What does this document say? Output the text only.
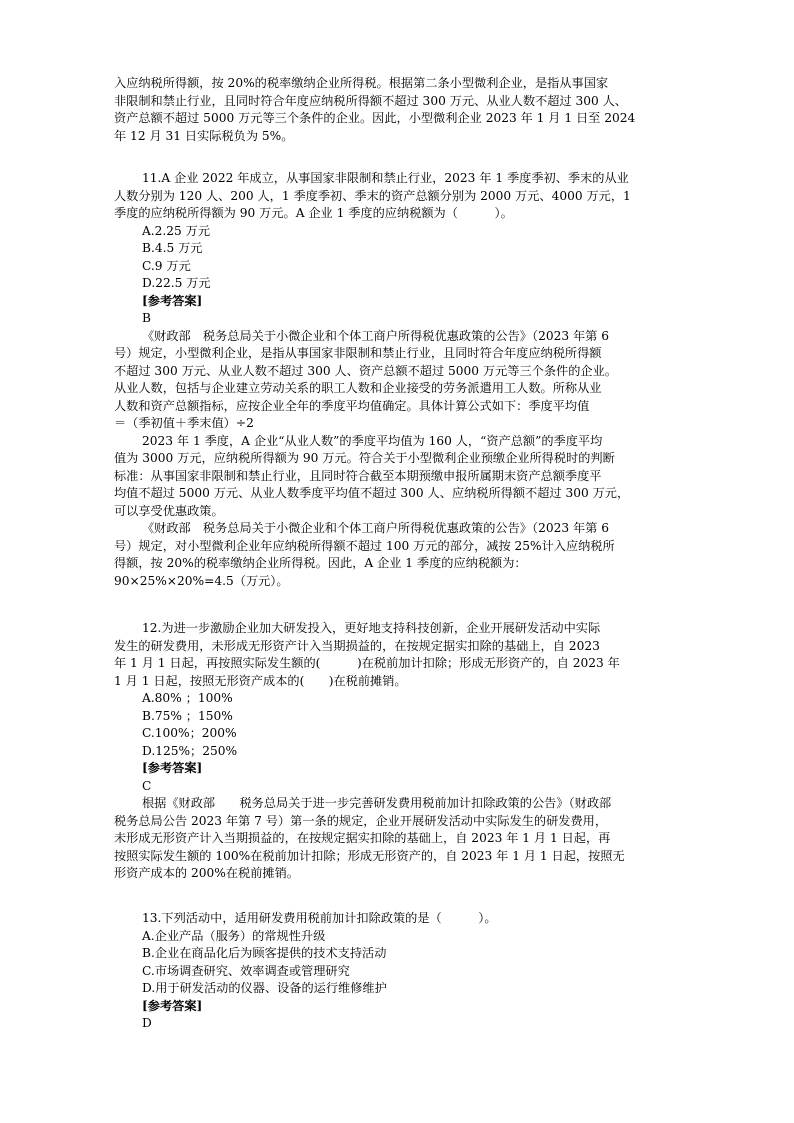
入应纳税所得额，按 20%的税率缴纳企业所得税。根据第二条小型微利企业，是指从事国家

非限制和禁止行业，且同时符合年度应纳税所得额不超过 300 万元、从业人数不超过 300 人、

资产总额不超过 5000 万元等三个条件的企业。因此，小型微利企业 2023 年 1 月 1 日至 2024

年 12 月 31 日实际税负为 5%。

11.A 企业 2022 年成立，从事国家非限制和禁止行业，2023 年 1 季度季初、季末的从业

人数分别为 120 人、200 人，1 季度季初、季末的资产总额分别为 2000 万元、4000 万元，1

季度的应纳税所得额为 90 万元。A 企业 1 季度的应纳税额为（　　　）。

A.2.25 万元

B.4.5 万元

C.9 万元

D.22.5 万元

[参考答案]

B

《财政部　税务总局关于小微企业和个体工商户所得税优惠政策的公告》（2023 年第 6

号）规定，小型微利企业，是指从事国家非限制和禁止行业，且同时符合年度应纳税所得额

不超过 300 万元、从业人数不超过 300 人、资产总额不超过 5000 万元等三个条件的企业。

从业人数，包括与企业建立劳动关系的职工人数和企业接受的劳务派遣用工人数。所称从业

人数和资产总额指标，应按企业全年的季度平均值确定。具体计算公式如下：季度平均值

＝（季初值＋季末值）÷2

2023 年 1 季度，A 企业“从业人数”的季度平均值为 160 人，“资产总额”的季度平均

值为 3000 万元，应纳税所得额为 90 万元。符合关于小型微利企业预缴企业所得税时的判断

标准：从事国家非限制和禁止行业，且同时符合截至本期预缴申报所属期末资产总额季度平

均值不超过 5000 万元、从业人数季度平均值不超过 300 人、应纳税所得额不超过 300 万元，

可以享受优惠政策。

《财政部　税务总局关于小微企业和个体工商户所得税优惠政策的公告》（2023 年第 6

号）规定，对小型微利企业年应纳税所得额不超过 100 万元的部分，减按 25%计入应纳税所

得额，按 20%的税率缴纳企业所得税。因此，A 企业 1 季度的应纳税额为：

90×25%×20%=4.5（万元）。

12.为进一步激励企业加大研发投入，更好地支持科技创新，企业开展研发活动中实际

发生的研发费用，未形成无形资产计入当期损益的，在按规定据实扣除的基础上，自 2023

年 1 月 1 日起，再按照实际发生额的(　　　)在税前加计扣除；形成无形资产的，自 2023 年

1 月 1 日起，按照无形资产成本的(　　)在税前摊销。

A.80% ；100%

B.75% ；150%

C.100%；200%

D.125%；250%

[参考答案]

C

根据《财政部　　税务总局关于进一步完善研发费用税前加计扣除政策的公告》（财政部

税务总局公告 2023 年第 7 号）第一条的规定，企业开展研发活动中实际发生的研发费用，

未形成无形资产计入当期损益的，在按规定据实扣除的基础上，自 2023 年 1 月 1 日起，再

按照实际发生额的 100%在税前加计扣除；形成无形资产的，自 2023 年 1 月 1 日起，按照无

形资产成本的 200%在税前摊销。

13.下列活动中，适用研发费用税前加计扣除政策的是（　　　）。

A.企业产品（服务）的常规性升级

B.企业在商品化后为顾客提供的技术支持活动

C.市场调查研究、效率调查或管理研究

D.用于研发活动的仪器、设备的运行维修维护

[参考答案]

D
